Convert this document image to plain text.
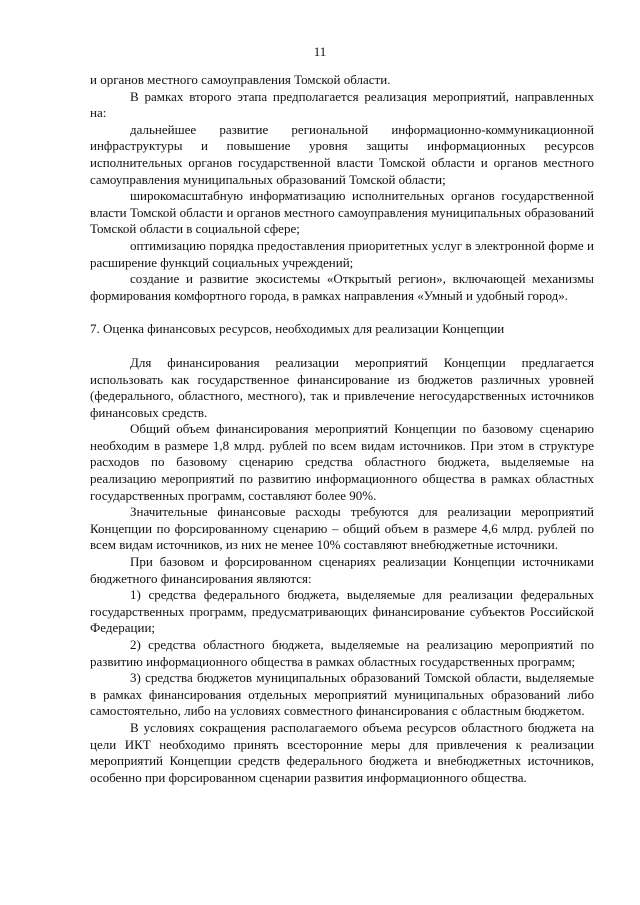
11

и органов местного самоуправления Томской области.

В рамках второго этапа предполагается реализация мероприятий, направленных на:

дальнейшее развитие региональной информационно-коммуникационной инфраструктуры и повышение уровня защиты информационных ресурсов исполнительных органов государственной власти Томской области и органов местного самоуправления муниципальных образований Томской области;

широкомасштабную информатизацию исполнительных органов государственной власти Томской области и органов местного самоуправления муниципальных образований Томской области в социальной сфере;

оптимизацию порядка предоставления приоритетных услуг в электронной форме и расширение функций социальных учреждений;

создание и развитие экосистемы «Открытый регион», включающей механизмы формирования комфортного города, в рамках направления «Умный и удобный город».

7. Оценка финансовых ресурсов, необходимых для реализации Концепции

Для финансирования реализации мероприятий Концепции предлагается использовать как государственное финансирование из бюджетов различных уровней (федерального, областного, местного), так и привлечение негосударственных источников финансовых средств.

Общий объем финансирования мероприятий Концепции по базовому сценарию необходим в размере 1,8 млрд. рублей по всем видам источников. При этом в структуре расходов по базовому сценарию средства областного бюджета, выделяемые на реализацию мероприятий по развитию информационного общества в рамках областных государственных программ, составляют более 90%.

Значительные финансовые расходы требуются для реализации мероприятий Концепции по форсированному сценарию – общий объем в размере 4,6 млрд. рублей по всем видам источников, из них не менее 10% составляют внебюджетные источники.

При базовом и форсированном сценариях реализации Концепции источниками бюджетного финансирования являются:

1) средства федерального бюджета, выделяемые для реализации федеральных государственных программ, предусматривающих финансирование субъектов Российской Федерации;

2) средства областного бюджета, выделяемые на реализацию мероприятий по развитию информационного общества в рамках областных государственных программ;

3) средства бюджетов муниципальных образований Томской области, выделяемые в рамках финансирования отдельных мероприятий муниципальных образований либо самостоятельно, либо на условиях совместного финансирования с областным бюджетом.

В условиях сокращения располагаемого объема ресурсов областного бюджета на цели ИКТ необходимо принять всесторонние меры для привлечения к реализации мероприятий Концепции средств федерального бюджета и внебюджетных источников, особенно при форсированном сценарии развития информационного общества.
